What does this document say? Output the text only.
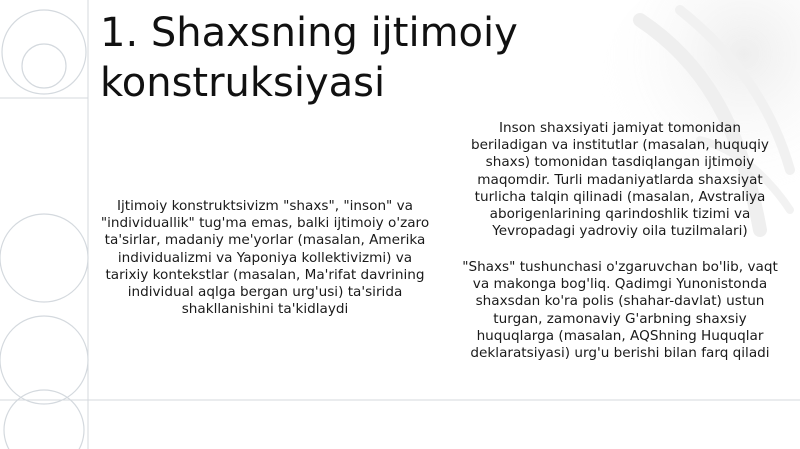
1. Shaxsning ijtimoiy konstruksiyasi
Ijtimoiy konstruktsivizm "shaxs", "inson" va "individuallik" tug'ma emas, balki ijtimoiy o'zaro ta'sirlar, madaniy me'yorlar (masalan, Amerika individualizmi va Yaponiya kollektivizmi) va tarixiy kontekstlar (masalan, Ma'rifat davrining individual aqlga bergan urg'usi) ta'sirida shakllanishini ta'kidlaydi
Inson shaxsiyati jamiyat tomonidan beriladigan va institutlar (masalan, huquqiy shaxs) tomonidan tasdiqlangan ijtimoiy maqomdir. Turli madaniyatlarda shaxsiyat turlicha talqin qilinadi (masalan, Avstraliya aborigenlarining qarindoshlik tizimi va Yevropadagi yadroviy oila tuzilmalari)
"Shaxs" tushunchasi o'zgaruvchan bo'lib, vaqt va makonga bog'liq. Qadimgi Yunonistonda shaxsdan ko'ra polis (shahar-davlat) ustun turgan, zamonaviy G'arbning shaxsiy huquqlarga (masalan, AQShning Huquqlar deklaratsiyasi) urg'u berishi bilan farq qiladi
